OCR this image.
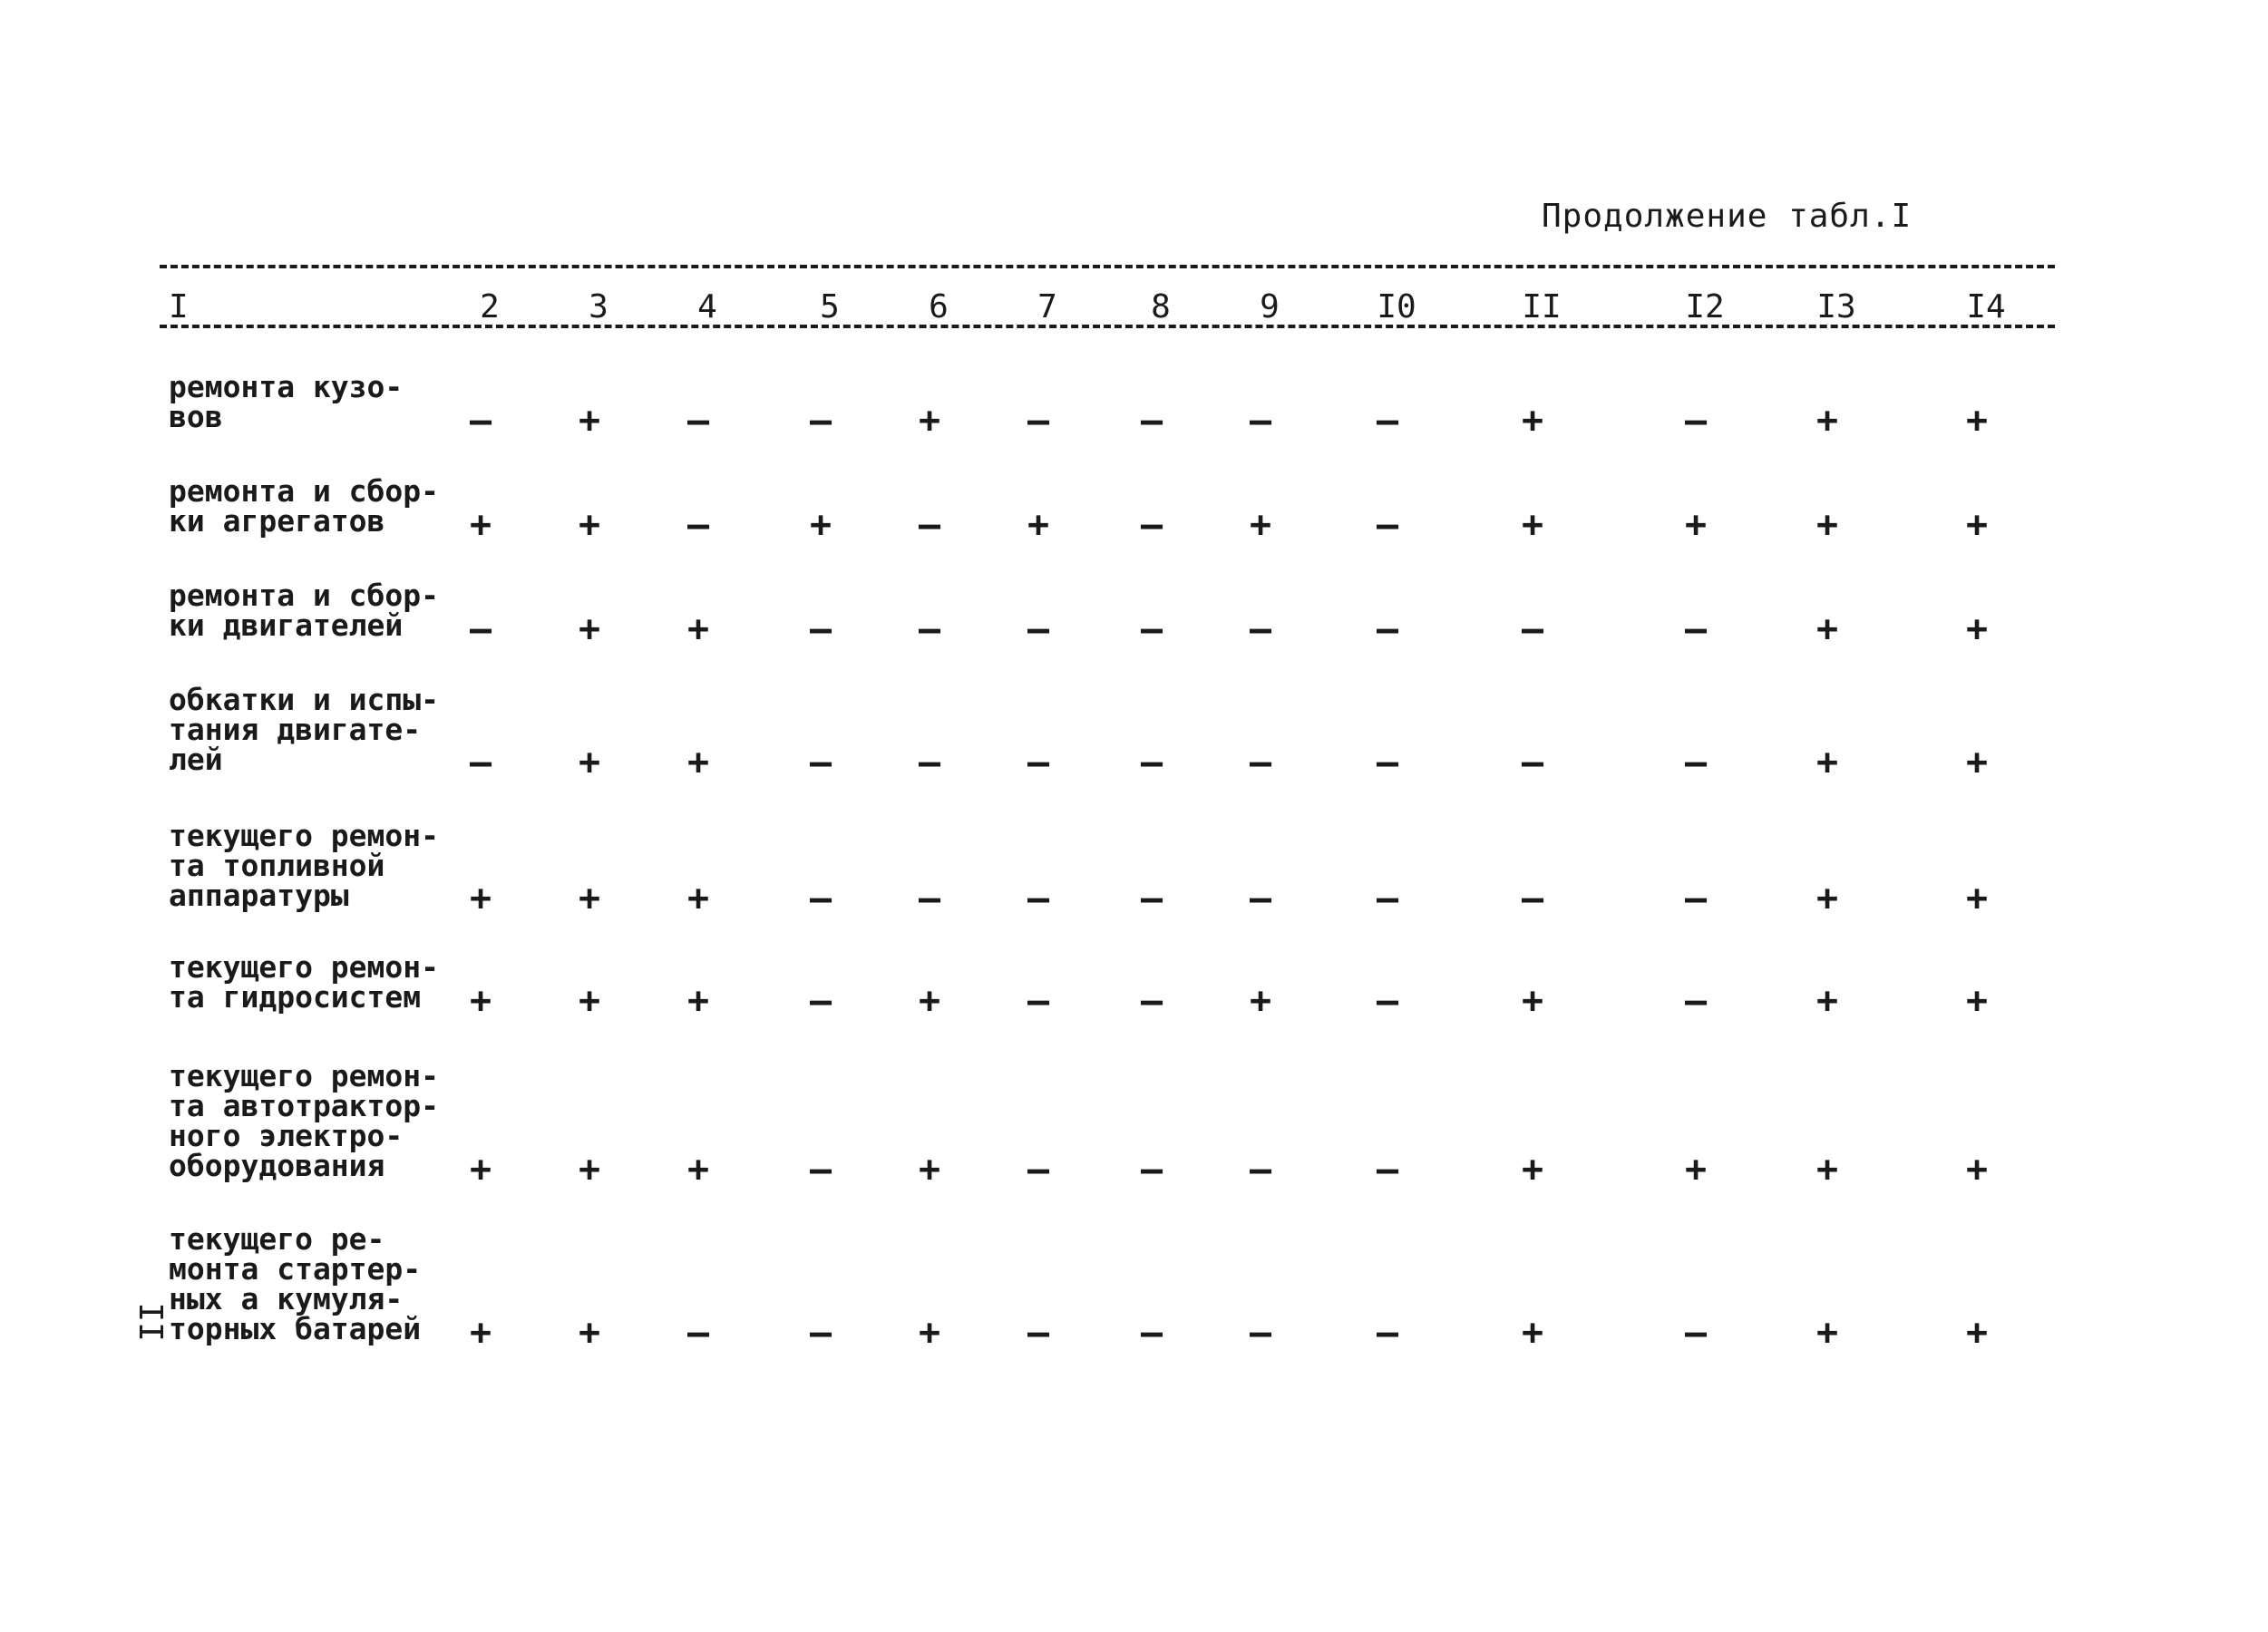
Продолжение табл.I
I	2	3	4	5	6	7	8	9	I0	II	I2	I3	I4
ремонта кузо-
вов	–	+	–	–	+	–	–	–	–	+	–	+	+
ремонта и сбор-
ки агрегатов	+	+	–	+	–	+	–	+	–	+	+	+	+
ремонта и сбор-
ки двигателей	–	+	+	–	–	–	–	–	–	–	–	+	+
обкатки и испы-
тания двигате-
лей	–	+	+	–	–	–	–	–	–	–	–	+	+
текущего ремон-
та топливной
аппаратуры	+	+	+	–	–	–	–	–	–	–	–	+	+
текущего ремон-
та гидросистем	+	+	+	–	+	–	–	+	–	+	–	+	+
текущего ремон-
та автотрактор-
ного электро-
оборудования	+	+	+	–	+	–	–	–	–	+	+	+	+
текущего ре-
монта стартер-
ных а кумуля-
торных батарей	+	+	–	–	+	–	–	–	–	+	–	+	+
II
